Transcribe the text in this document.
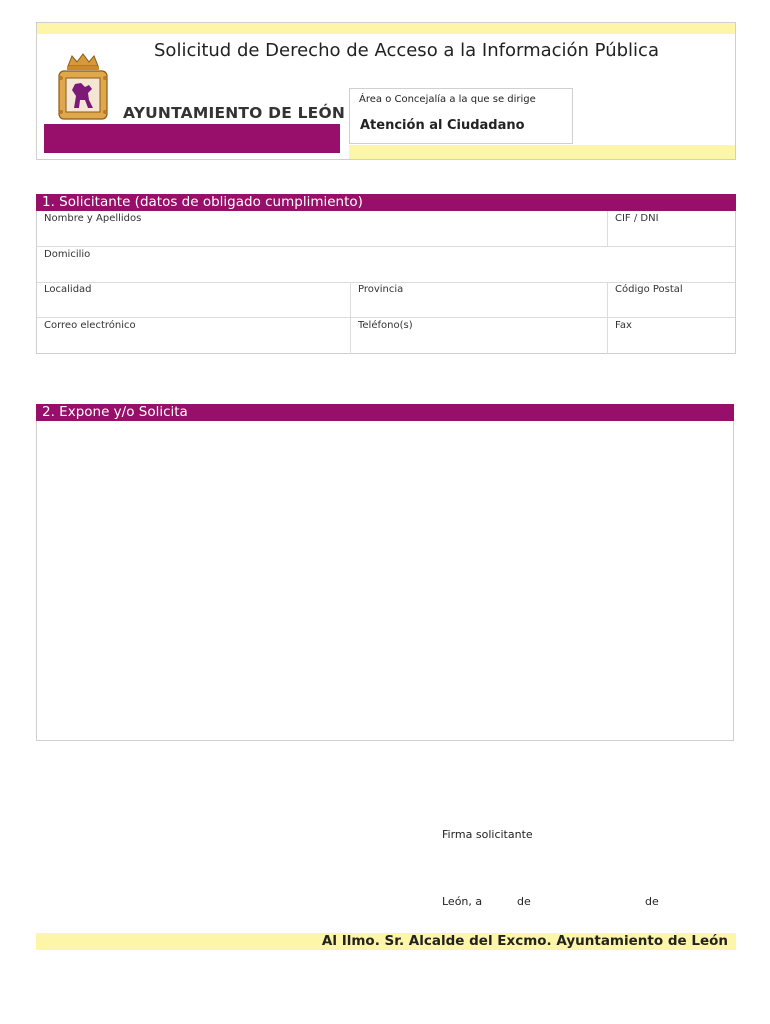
Solicitud de Derecho de Acceso a la Información Pública
AYUNTAMIENTO DE LEÓN
Área o Concejalía a la que se dirige
Atención al Ciudadano
1. Solicitante (datos de obligado cumplimiento)
Nombre y Apellidos	CIF / DNI
Domicilio
Localidad	Provincia	Código Postal
Correo electrónico	Teléfono(s)	Fax
2. Expone y/o Solicita
Firma solicitante
León, a	de	de
Al Ilmo. Sr. Alcalde del Excmo. Ayuntamiento de León
